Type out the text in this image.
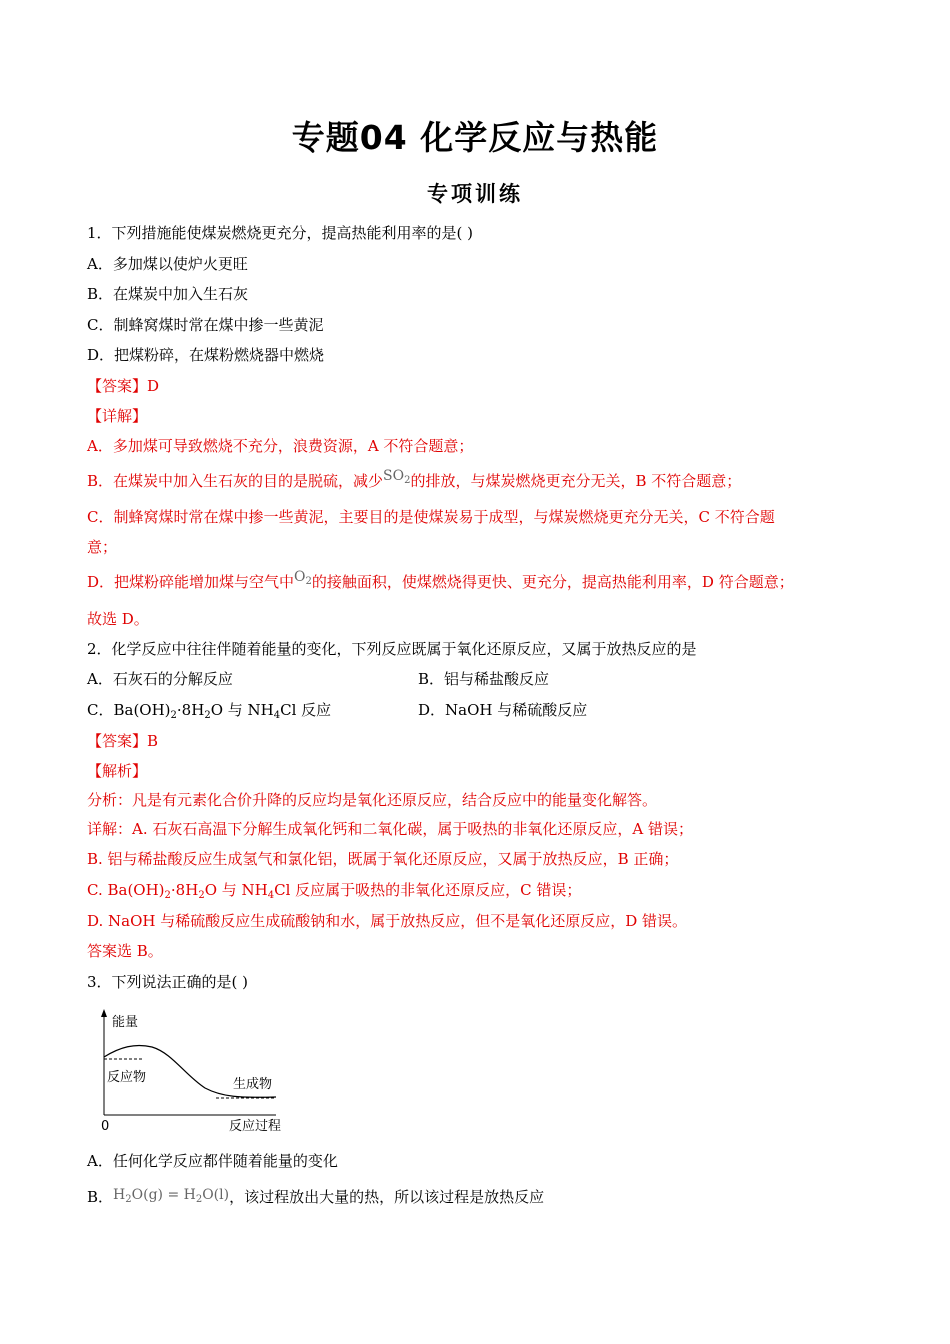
专题04 化学反应与热能
专项训练
1．下列措施能使煤炭燃烧更充分，提高热能利用率的是( )
A．多加煤以使炉火更旺
B．在煤炭中加入生石灰
C．制蜂窝煤时常在煤中掺一些黄泥
D．把煤粉碎，在煤粉燃烧器中燃烧
【答案】D
【详解】
A．多加煤可导致燃烧不充分，浪费资源，A 不符合题意；
B．在煤炭中加入生石灰的目的是脱硫，减少$SO_2$的排放，与煤炭燃烧更充分无关，B 不符合题意；
C．制蜂窝煤时常在煤中掺一些黄泥，主要目的是使煤炭易于成型，与煤炭燃烧更充分无关，C 不符合题
意；
D．把煤粉碎能增加煤与空气中$O_2$的接触面积，使煤燃烧得更快、更充分，提高热能利用率，D 符合题意；
故选 D。
2．化学反应中往往伴随着能量的变化，下列反应既属于氧化还原反应，又属于放热反应的是
A．石灰石的分解反应	B．铝与稀盐酸反应
C．$Ba(OH)_2\cdot 8H_2O$ 与 $NH_4Cl$ 反应	D．NaOH 与稀硫酸反应
【答案】B
【解析】
分析：凡是有元素化合价升降的反应均是氧化还原反应，结合反应中的能量变化解答。
详解：A. 石灰石高温下分解生成氧化钙和二氧化碳，属于吸热的非氧化还原反应，A 错误；
B. 铝与稀盐酸反应生成氢气和氯化铝，既属于氧化还原反应，又属于放热反应，B 正确；
C. $Ba(OH)_2\cdot 8H_2O$ 与 $NH_4Cl$ 反应属于吸热的非氧化还原反应，C 错误；
D. NaOH 与稀硫酸反应生成硫酸钠和水，属于放热反应，但不是氧化还原反应，D 错误。
答案选 B。
3．下列说法正确的是( )
能量
反应物	生成物
0	反应过程
A．任何化学反应都伴随着能量的变化
B．$H_2O(g) = H_2O(l)$，该过程放出大量的热，所以该过程是放热反应
